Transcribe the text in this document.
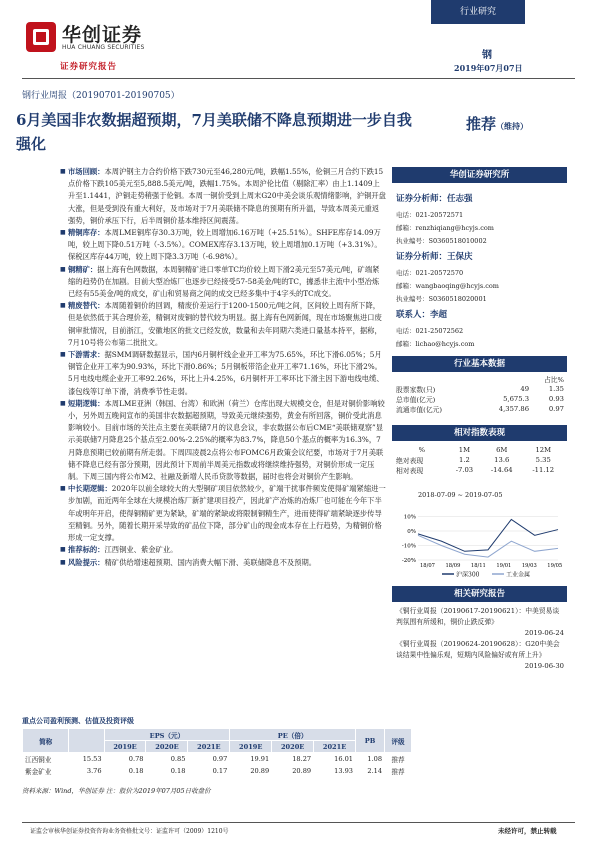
华创证券
HUA CHUANG SECURITIES
行业研究
钢
证券研究报告	2019年07月07日
钢行业周报（20190701-20190705）
6月美国非农数据超预期，7月美联储不降息预期进一步自我强化
推荐（维持）

■ 市场回顾：本周沪钢主力合约价格下跌730元至46,280元/吨，跌幅1.55%，伦铜三月合约下跌15点价格下跌105美元至5,888.5美元/吨，跌幅1.75%。本周沪伦比值（剔除汇率）由上1.1409上升至1.1441，沪铜走势稍强于伦铜。本周一铜价受到上周末G20中美会谈乐观情绪影响，沪铜开盘大涨，但是受到没有重大利好，及市场对于7月美联储不降息的预期有所升温，导致本周美元重返强势，铜价承压下行，后半周铜价基本维持区间震荡。

■ 精铜库存：本周LME铜库存30.3万吨，较上周增加6.16万吨（+25.51%）。SHFE库存14.09万吨，较上周下降0.51万吨（-3.5%）。COMEX库存3.13万吨，较上周增加0.1万吨（+3.31%）。保税区库存44万吨，较上周下降3.3万吨（-6.98%）。

■ 铜精矿：据上海有色网数据，本周铜精矿进口零单TC均价较上周下滑2美元至57美元/吨，矿端紧缩的趋势仍在加剧。目前大型冶炼厂也逐步已经接受57-58美金/吨的TC，據悉非主流中小型冶炼已经有55美金/吨的成交，矿山和贸易商之间的成交已经多集中于4字头的TC成交。

■ 精废替代：本周随着铜价的回调，精废价差运行于1200-1500元/吨之间，区间较上周有所下降，但是依然低于其合理价差，精铜对废铜的替代较为明显。据上海有色网新闻，现在市场聚焦进口废铜审批情况，目前浙江，安徽地区的批文已经发放，数量和去年同期六类进口量基本持平，据称，7月10号将公布第二批批文。

■ 下游需求：据SMM调研数据显示，国内6月铜杆线企业开工率为75.65%，环比下滑6.05%；5月铜管企业开工率为90.93%，环比下滑0.86%；5月铜板带箔企业开工率71.16%，环比下滑2%。5月电线电缆企业开工率92.26%，环比上升4.25%，6月铜杆开工率环比下滑主因下游电线电缆、漆包线等订单下滑，消费季节性走弱。

■ 短期逻辑：本周LME亚洲（韩国、台湾）和欧洲（荷兰）仓库出现大规模交仓，但是对铜价影响较小，另外周五晚间宣布的美国非农数据超预期，导致美元继续强势，黄金有所回落，铜价受此消息影响较小。目前市场的关注点主要在美联储7月的议息会议，非农数据公布后CME“美联储观察”显示美联储7月降息25个基点至2.00%-2.25%的概率为83.7%，降息50个基点的概率为16.3%，7月降息预期已较前期有所走弱。下周四凌晨2点将公布FOMC6月政策会议纪要，市场对于7月美联储不降息已经有部分预期，因此预计下周前半周美元指数或将继续维持强势，对铜价形成一定压制。下周三国内将公布M2、社融及新增人民币贷款等数据，届时也将会对铜价产生影响。

■ 中长期逻辑：2020年以前全球较大的大型铜矿项目依然较少，矿端干扰事件频发使得矿端紧缩进一步加剧，而近两年全球在大规模冶炼厂新扩建项目投产，因此矿产冶炼的冶炼厂也可能在今年下半年或明年开启，使得铜精矿更为紧缺，矿端的紧缺或将限制铜精生产，进而使得矿端紧缺逐步传导至精铜。另外，随着长期开采导致的矿品位下降，部分矿山的现金成本存在上行趋势，为精铜价格形成一定支撑。

■ 推荐标的：江西铜业、紫金矿业。

■ 风险提示：精矿供给增速超预期、国内消费大幅下滑、美联储降息不及预期。

华创证券研究所
证券分析师：任志强
电话：021-20572571
邮箱：renzhiqiang@hcyjs.com
执业编号：S0360518010002
证券分析师：王保庆
电话：021-20572570
邮箱：wangbaoqing@hcyjs.com
执业编号：S0360518020001
联系人：李超
电话：021-25072562
邮箱：lichao@hcyjs.com
行业基本数据
		占比%
股票家数(只)	49	1.35
总市值(亿元)	5,675.3	0.93
流通市值(亿元)	4,357.86	0.97
相对指数表现
%	1M	6M	12M
绝对表现	1.2	13.6	5.35
相对表现	-7.03	-14.64	-11.12
2018-07-09 ~ 2019-07-05
18/07 18/09 18/11 19/01 19/03 19/05
10%
0%
-10%
-20%
沪深300	工业金属
相关研究报告
《铜行业周报（20190617-20190621）：中美贸易谈判氛围有所缓和，铜价止跌反弹》
2019-06-24
《铜行业周报（20190624-20190628）：G20中美会谈结果中性偏乐观，短期内风险偏好或有所上升》
2019-06-30
重点公司盈利预测、估值及投资评级
简称		EPS（元）			PE（倍）			PB	评级
		2019E	2020E	2021E	2019E	2020E	2021E		
江西铜业	15.53	0.78	0.85	0.97	19.91	18.27	16.01	1.08	推荐
紫金矿业	3.76	0.18	0.18	0.17	20.89	20.89	13.93	2.14	推荐
资料来源：Wind，华创证券 注：股价为2019年07月05日收盘价
证监会审核华创证券投资咨询业务资格批文号：证监许可（2009）1210号	未经许可，禁止转载
